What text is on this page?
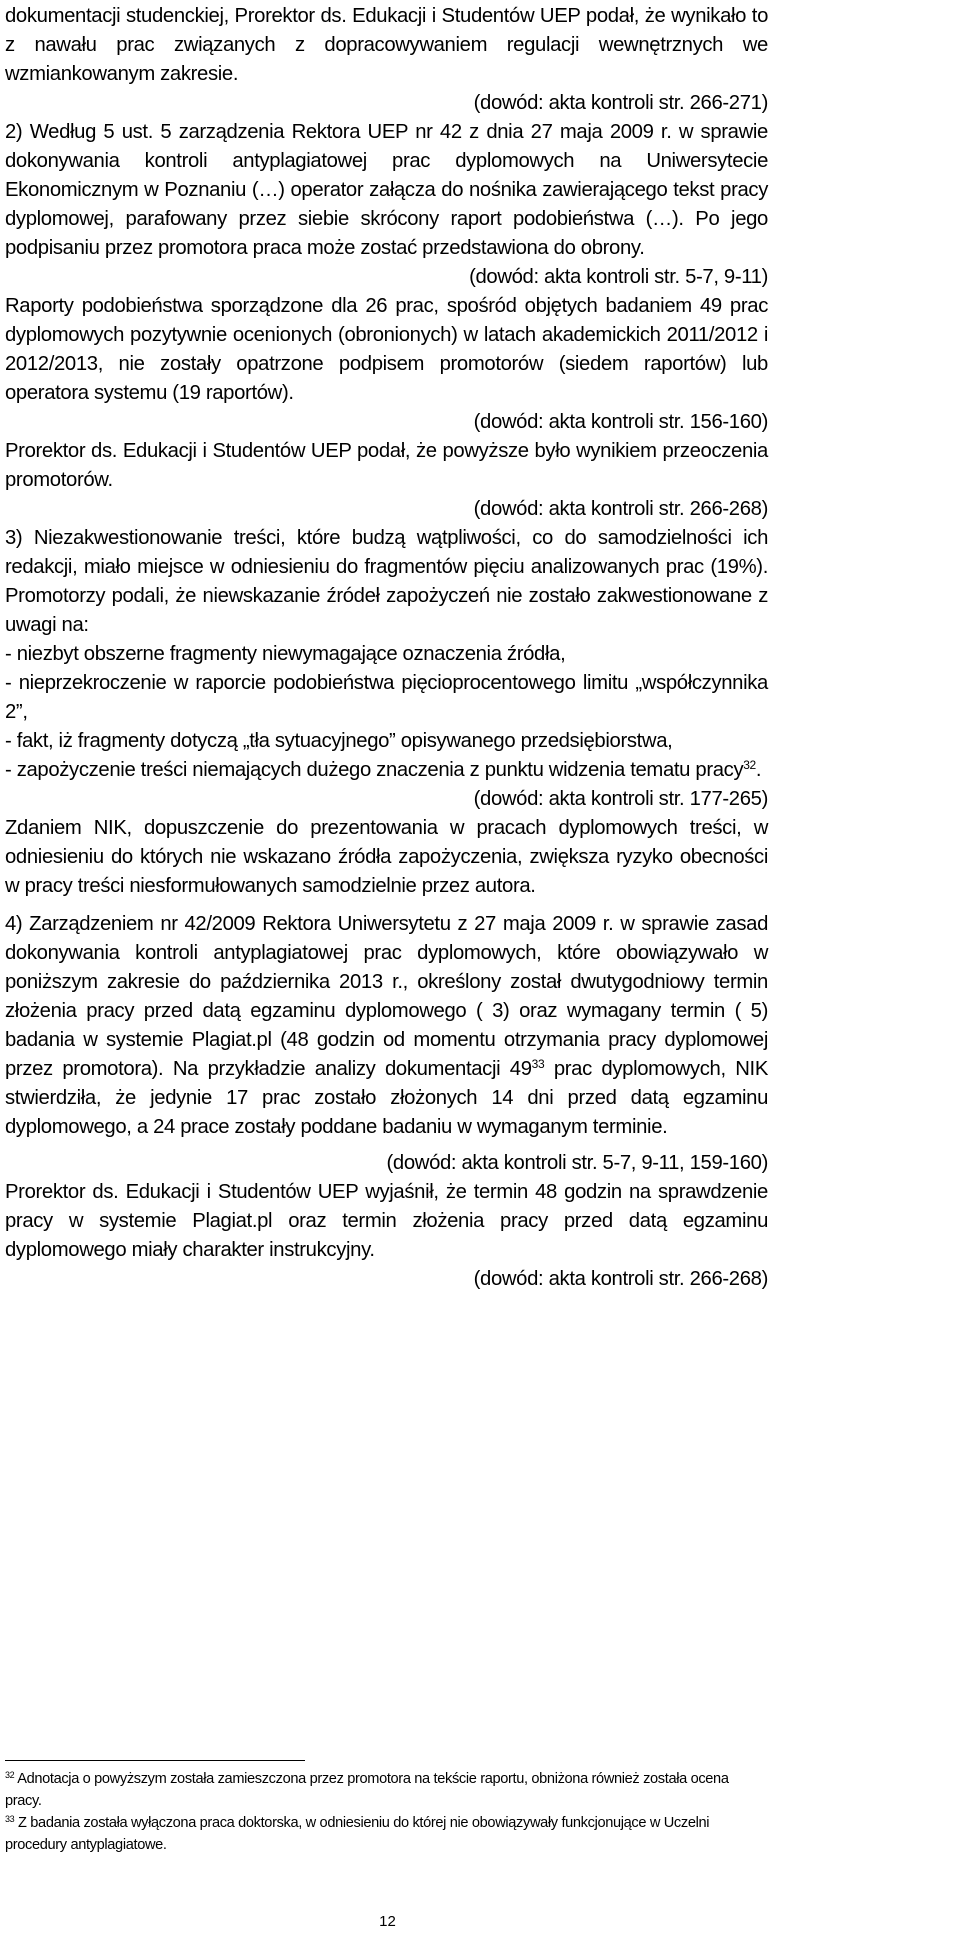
dokumentacji studenckiej, Prorektor ds. Edukacji i Studentów UEP podał, że wynikało to z nawału prac związanych z dopracowywaniem regulacji wewnętrznych we wzmiankowanym zakresie.

(dowód: akta kontroli str. 266-271)

2) Według 5 ust. 5 zarządzenia Rektora UEP nr 42 z dnia 27 maja 2009 r. w sprawie dokonywania kontroli antyplagiatowej prac dyplomowych na Uniwersytecie Ekonomicznym w Poznaniu (…) operator załącza do nośnika zawierającego tekst pracy dyplomowej, parafowany przez siebie skrócony raport podobieństwa (…). Po jego podpisaniu przez promotora praca może zostać przedstawiona do obrony.

(dowód: akta kontroli str. 5-7, 9-11)

Raporty podobieństwa sporządzone dla 26 prac, spośród objętych badaniem 49 prac dyplomowych pozytywnie ocenionych (obronionych) w latach akademickich 2011/2012 i 2012/2013, nie zostały opatrzone podpisem promotorów (siedem raportów) lub operatora systemu (19 raportów).

(dowód: akta kontroli str. 156-160)

Prorektor ds. Edukacji i Studentów UEP podał, że powyższe było wynikiem przeoczenia promotorów.

(dowód: akta kontroli str. 266-268)

3) Niezakwestionowanie treści, które budzą wątpliwości, co do samodzielności ich redakcji, miało miejsce w odniesieniu do fragmentów pięciu analizowanych prac (19%). Promotorzy podali, że niewskazanie źródeł zapożyczeń nie zostało zakwestionowane z uwagi na:

- niezbyt obszerne fragmenty niewymagające oznaczenia źródła,

- nieprzekroczenie w raporcie podobieństwa pięcioprocentowego limitu „współczynnika 2”,

- fakt, iż fragmenty dotyczą „tła sytuacyjnego” opisywanego przedsiębiorstwa,

- zapożyczenie treści niemających dużego znaczenia z punktu widzenia tematu pracy$^{32}$.

(dowód: akta kontroli str. 177-265)

Zdaniem NIK, dopuszczenie do prezentowania w pracach dyplomowych treści, w odniesieniu do których nie wskazano źródła zapożyczenia, zwiększa ryzyko obecności w pracy treści niesformułowanych samodzielnie przez autora.

4) Zarządzeniem nr 42/2009 Rektora Uniwersytetu z 27 maja 2009 r. w sprawie zasad dokonywania kontroli antyplagiatowej prac dyplomowych, które obowiązywało w poniższym zakresie do października 2013 r., określony został dwutygodniowy termin złożenia pracy przed datą egzaminu dyplomowego ( 3) oraz wymagany termin ( 5) badania w systemie Plagiat.pl (48 godzin od momentu otrzymania pracy dyplomowej przez promotora). Na przykładzie analizy dokumentacji $49^{33}$ prac dyplomowych, NIK stwierdziła, że jedynie 17 prac zostało złożonych 14 dni przed datą egzaminu dyplomowego, a 24 prace zostały poddane badaniu w wymaganym terminie.

(dowód: akta kontroli str. 5-7, 9-11, 159-160)

Prorektor ds. Edukacji i Studentów UEP wyjaśnił, że termin 48 godzin na sprawdzenie pracy w systemie Plagiat.pl oraz termin złożenia pracy przed datą egzaminu dyplomowego miały charakter instrukcyjny.

(dowód: akta kontroli str. 266-268)

$^{32}$ Adnotacja o powyższym została zamieszczona przez promotora na tekście raportu, obniżona również została ocena pracy.

$^{33}$ Z badania została wyłączona praca doktorska, w odniesieniu do której nie obowiązywały funkcjonujące w Uczelni procedury antyplagiatowe.

12
